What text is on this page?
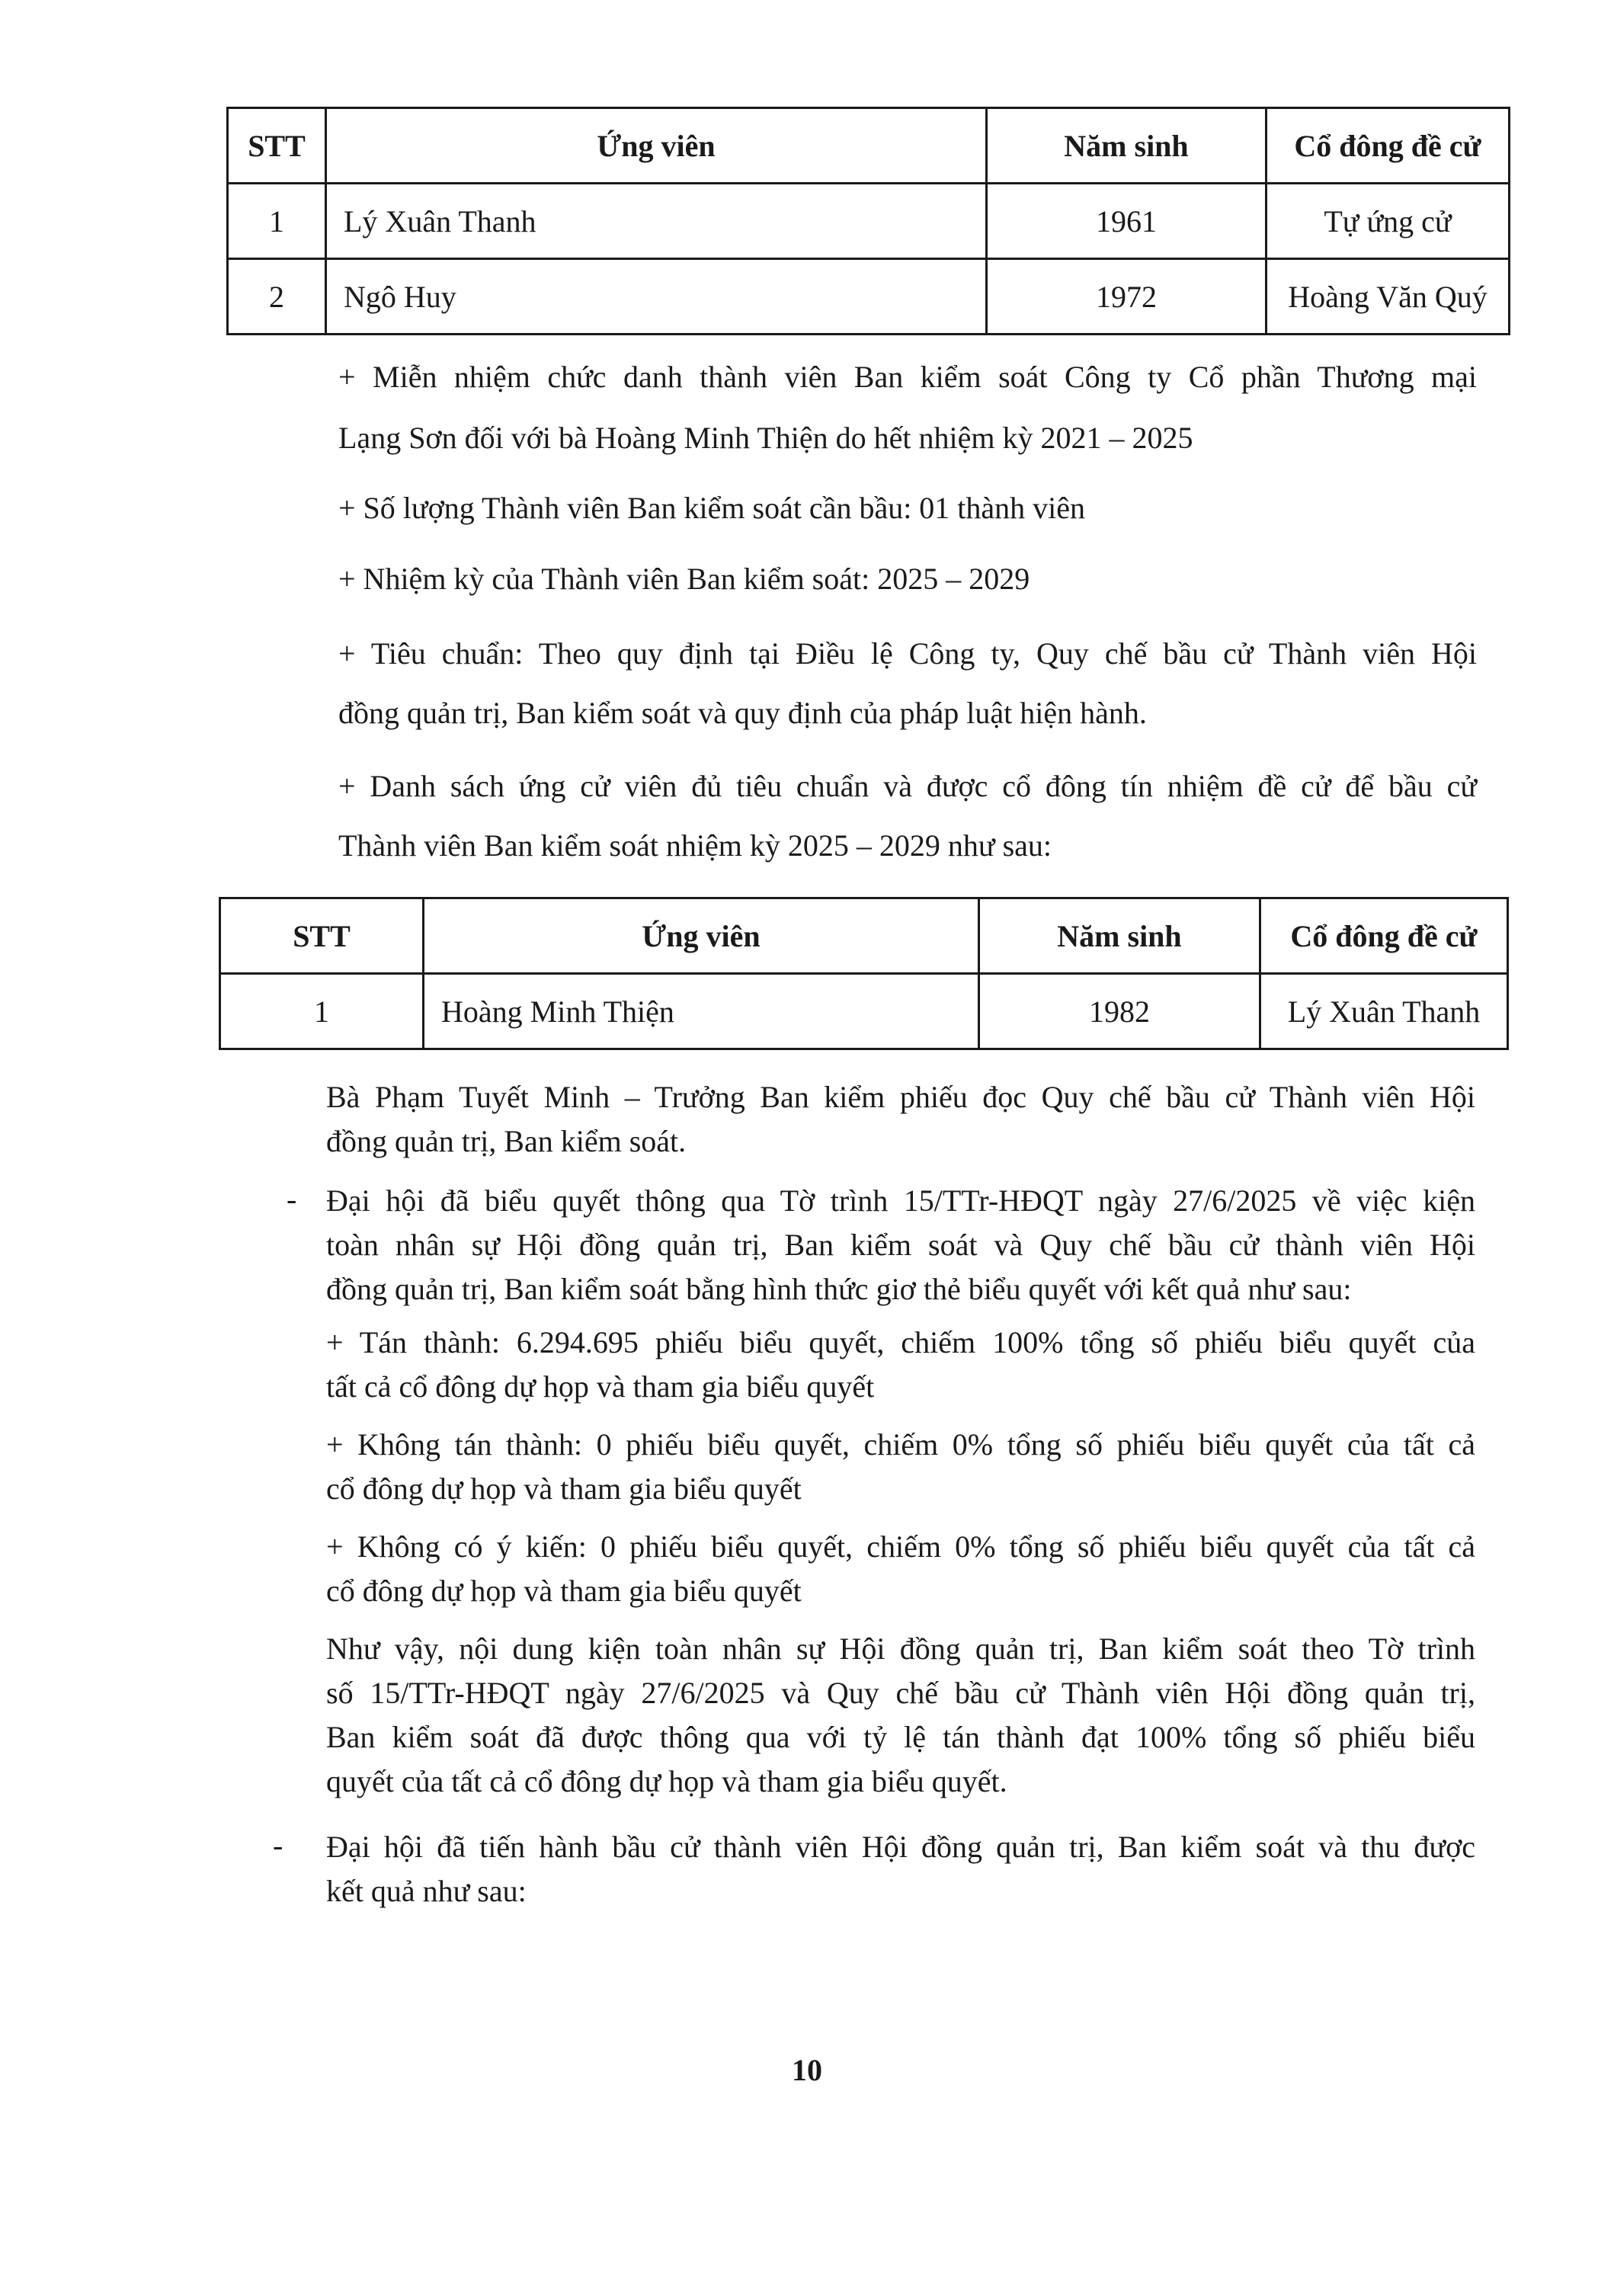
STT	Ứng viên	Năm sinh	Cổ đông đề cử
1	Lý Xuân Thanh	1961	Tự ứng cử
2	Ngô Huy	1972	Hoàng Văn Quý

+ Miễn nhiệm chức danh thành viên Ban kiểm soát Công ty Cổ phần Thương mại

Lạng Sơn đối với bà Hoàng Minh Thiện do hết nhiệm kỳ 2021 – 2025

+ Số lượng Thành viên Ban kiểm soát cần bầu: 01 thành viên

+ Nhiệm kỳ của Thành viên Ban kiểm soát: 2025 – 2029

+ Tiêu chuẩn: Theo quy định tại Điều lệ Công ty, Quy chế bầu cử Thành viên Hội

đồng quản trị, Ban kiểm soát và quy định của pháp luật hiện hành.

+ Danh sách ứng cử viên đủ tiêu chuẩn và được cổ đông tín nhiệm đề cử để bầu cử

Thành viên Ban kiểm soát nhiệm kỳ 2025 – 2029 như sau:

STT	Ứng viên	Năm sinh	Cổ đông đề cử
1	Hoàng Minh Thiện	1982	Lý Xuân Thanh

Bà Phạm Tuyết Minh – Trưởng Ban kiểm phiếu đọc Quy chế bầu cử Thành viên Hội

đồng quản trị, Ban kiểm soát.

- Đại hội đã biểu quyết thông qua Tờ trình 15/TTr-HĐQT ngày 27/6/2025 về việc kiện

toàn nhân sự Hội đồng quản trị, Ban kiểm soát và Quy chế bầu cử thành viên Hội

đồng quản trị, Ban kiểm soát bằng hình thức giơ thẻ biểu quyết với kết quả như sau:

+ Tán thành: 6.294.695 phiếu biểu quyết, chiếm 100% tổng số phiếu biểu quyết của

tất cả cổ đông dự họp và tham gia biểu quyết

+ Không tán thành: 0 phiếu biểu quyết, chiếm 0% tổng số phiếu biểu quyết của tất cả

cổ đông dự họp và tham gia biểu quyết

+ Không có ý kiến: 0 phiếu biểu quyết, chiếm 0% tổng số phiếu biểu quyết của tất cả

cổ đông dự họp và tham gia biểu quyết

Như vậy, nội dung kiện toàn nhân sự Hội đồng quản trị, Ban kiểm soát theo Tờ trình

số 15/TTr-HĐQT ngày 27/6/2025 và Quy chế bầu cử Thành viên Hội đồng quản trị,

Ban kiểm soát đã được thông qua với tỷ lệ tán thành đạt 100% tổng số phiếu biểu

quyết của tất cả cổ đông dự họp và tham gia biểu quyết.

- Đại hội đã tiến hành bầu cử thành viên Hội đồng quản trị, Ban kiểm soát và thu được

kết quả như sau:

10
